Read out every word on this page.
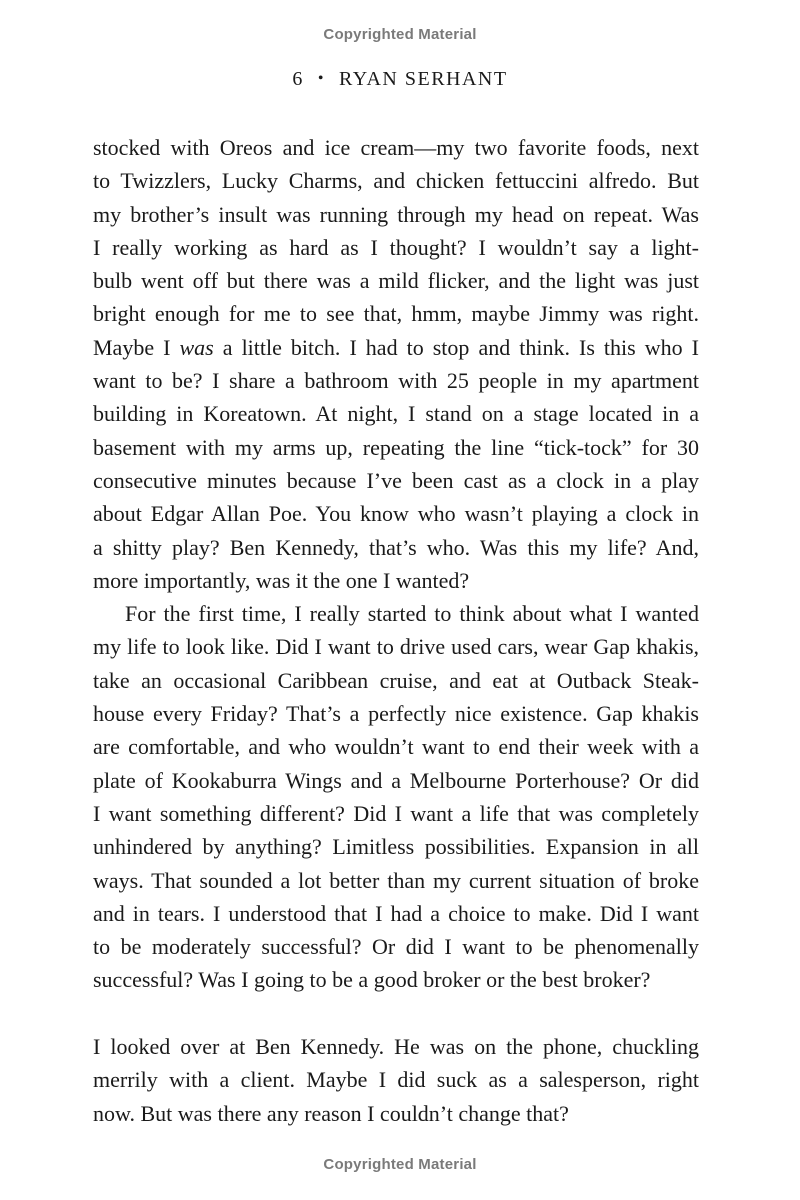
Copyrighted Material
6 • RYAN SERHANT
stocked with Oreos and ice cream—my two favorite foods, next
to Twizzlers, Lucky Charms, and chicken fettuccini alfredo. But
my brother’s insult was running through my head on repeat. Was
I really working as hard as I thought? I wouldn’t say a light-
bulb went off but there was a mild flicker, and the light was just
bright enough for me to see that, hmm, maybe Jimmy was right.
Maybe I was a little bitch. I had to stop and think. Is this who I
want to be? I share a bathroom with 25 people in my apartment
building in Koreatown. At night, I stand on a stage located in a
basement with my arms up, repeating the line “tick-tock” for 30
consecutive minutes because I’ve been cast as a clock in a play
about Edgar Allan Poe. You know who wasn’t playing a clock in
a shitty play? Ben Kennedy, that’s who. Was this my life? And,
more importantly, was it the one I wanted?
For the first time, I really started to think about what I wanted
my life to look like. Did I want to drive used cars, wear Gap khakis,
take an occasional Caribbean cruise, and eat at Outback Steak-
house every Friday? That’s a perfectly nice existence. Gap khakis
are comfortable, and who wouldn’t want to end their week with a
plate of Kookaburra Wings and a Melbourne Porterhouse? Or did
I want something different? Did I want a life that was completely
unhindered by anything? Limitless possibilities. Expansion in all
ways. That sounded a lot better than my current situation of broke
and in tears. I understood that I had a choice to make. Did I want
to be moderately successful? Or did I want to be phenomenally
successful? Was I going to be a good broker or the best broker?
I looked over at Ben Kennedy. He was on the phone, chuckling
merrily with a client. Maybe I did suck as a salesperson, right
now. But was there any reason I couldn’t change that?
Copyrighted Material
